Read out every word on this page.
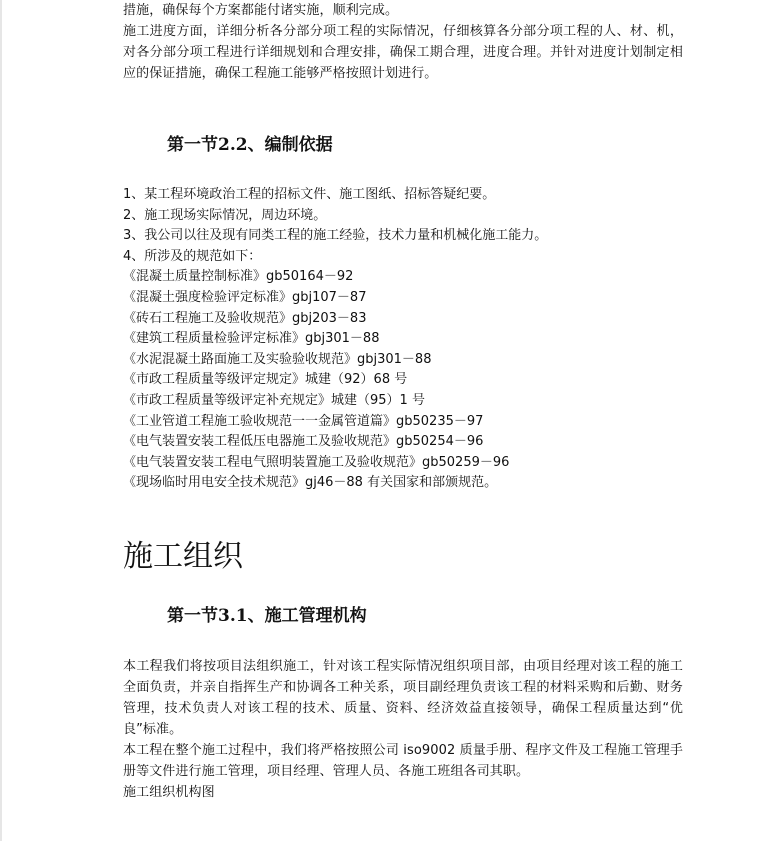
措施，确保每个方案都能付诸实施，顺利完成。

施工进度方面，详细分析各分部分项工程的实际情况，仔细核算各分部分项工程的人、材、机，对各分部分项工程进行详细规划和合理安排，确保工期合理，进度合理。并针对进度计划制定相应的保证措施，确保工程施工能够严格按照计划进行。

第一节2.2、编制依据
1、某工程环境政治工程的招标文件、施工图纸、招标答疑纪要。
2、施工现场实际情况，周边环境。
3、我公司以往及现有同类工程的施工经验，技术力量和机械化施工能力。
4、所涉及的规范如下：
《混凝土质量控制标准》gb50164－92
《混凝土强度检验评定标准》gbj107－87
《砖石工程施工及验收规范》gbj203－83
《建筑工程质量检验评定标准》gbj301－88
《水泥混凝土路面施工及实验验收规范》gbj301－88
《市政工程质量等级评定规定》城建（92）68 号
《市政工程质量等级评定补充规定》城建（95）1 号
《工业管道工程施工验收规范一一金属管道篇》gb50235－97
《电气装置安装工程低压电器施工及验收规范》gb50254－96
《电气装置安装工程电气照明装置施工及验收规范》gb50259－96
《现场临时用电安全技术规范》gj46－88 有关国家和部颁规范。
施工组织
第一节3.1、施工管理机构

本工程我们将按项目法组织施工，针对该工程实际情况组织项目部，由项目经理对该工程的施工全面负责，并亲自指挥生产和协调各工种关系，项目副经理负责该工程的材料采购和后勤、财务管理，技术负责人对该工程的技术、质量、资料、经济效益直接领导，确保工程质量达到“优良”标准。

本工程在整个施工过程中，我们将严格按照公司 iso9002 质量手册、程序文件及工程施工管理手册等文件进行施工管理，项目经理、管理人员、各施工班组各司其职。

施工组织机构图
